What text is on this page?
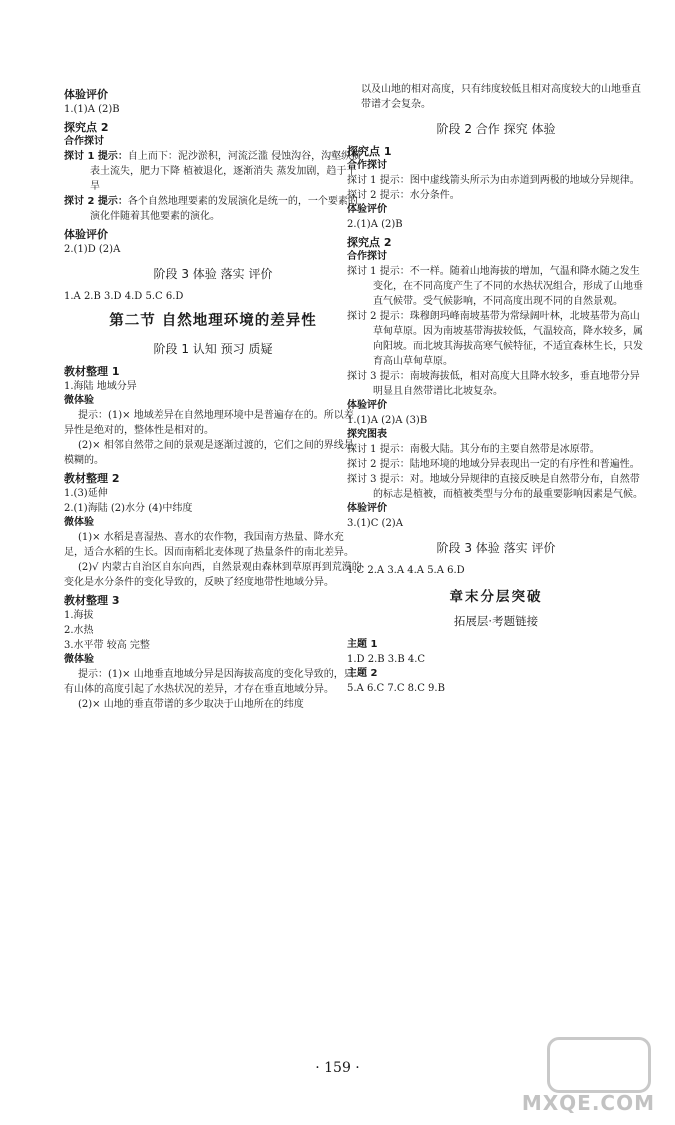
体验评价
1.(1)A (2)B
探究点 2
合作探讨
探讨 1 提示：自上而下：泥沙淤积，河流泛滥 侵蚀沟谷，沟壑纵横 表土流失，肥力下降 植被退化，逐渐消失 蒸发加剧，趋于干旱
探讨 2 提示：各个自然地理要素的发展演化是统一的，一个要素的演化伴随着其他要素的演化。
体验评价
2.(1)D (2)A
阶段 3 体验 落实 评价
1.A 2.B 3.D 4.D 5.C 6.D
第二节 自然地理环境的差异性
阶段 1 认知 预习 质疑
教材整理 1
1.海陆 地域分异
微体验
提示：(1)× 地域差异在自然地理环境中是普遍存在的。所以差异性是绝对的，整体性是相对的。
(2)× 相邻自然带之间的景观是逐渐过渡的，它们之间的界线是模糊的。
教材整理 2
1.(3)延伸
2.(1)海陆 (2)水分 (4)中纬度
微体验
(1)× 水稻是喜湿热、喜水的农作物，我国南方热量、降水充足，适合水稻的生长。因而南稻北麦体现了热量条件的南北差异。
(2)√ 内蒙古自治区自东向西，自然景观由森林到草原再到荒漠的变化是水分条件的变化导致的，反映了经度地带性地域分异。
教材整理 3
1.海拔
2.水热
3.水平带 较高 完整
微体验
提示：(1)× 山地垂直地域分异是因海拔高度的变化导致的，只有山体的高度引起了水热状况的差异，才存在垂直地域分异。
(2)× 山地的垂直带谱的多少取决于山地所在的纬度
以及山地的相对高度，只有纬度较低且相对高度较大的山地垂直带谱才会复杂。
阶段 2 合作 探究 体验
探究点 1
合作探讨
探讨 1 提示：图中虚线箭头所示为由赤道到两极的地域分异规律。
探讨 2 提示：水分条件。
体验评价
2.(1)A (2)B
探究点 2
合作探讨
探讨 1 提示：不一样。随着山地海拔的增加，气温和降水随之发生变化，在不同高度产生了不同的水热状况组合，形成了山地垂直气候带。受气候影响，不同高度出现不同的自然景观。
探讨 2 提示：珠穆朗玛峰南坡基带为常绿阔叶林，北坡基带为高山草甸草原。因为南坡基带海拔较低，气温较高，降水较多，属向阳坡。而北坡其海拔高寒气候特征，不适宜森林生长，只发育高山草甸草原。
探讨 3 提示：南坡海拔低，相对高度大且降水较多，垂直地带分异明显且自然带谱比北坡复杂。
体验评价
1.(1)A (2)A (3)B
探究图表
探讨 1 提示：南极大陆。其分布的主要自然带是冰原带。
探讨 2 提示：陆地环境的地域分异表现出一定的有序性和普遍性。
探讨 3 提示：对。地域分异规律的直接反映是自然带分布，自然带的标志是植被，而植被类型与分布的最重要影响因素是气候。
体验评价
3.(1)C (2)A
阶段 3 体验 落实 评价
1.C 2.A 3.A 4.A 5.A 6.D
章末分层突破
拓展层·考题链接
主题 1
1.D 2.B 3.B 4.C
主题 2
5.A 6.C 7.C 8.C 9.B
· 159 ·
MXQE.COM
